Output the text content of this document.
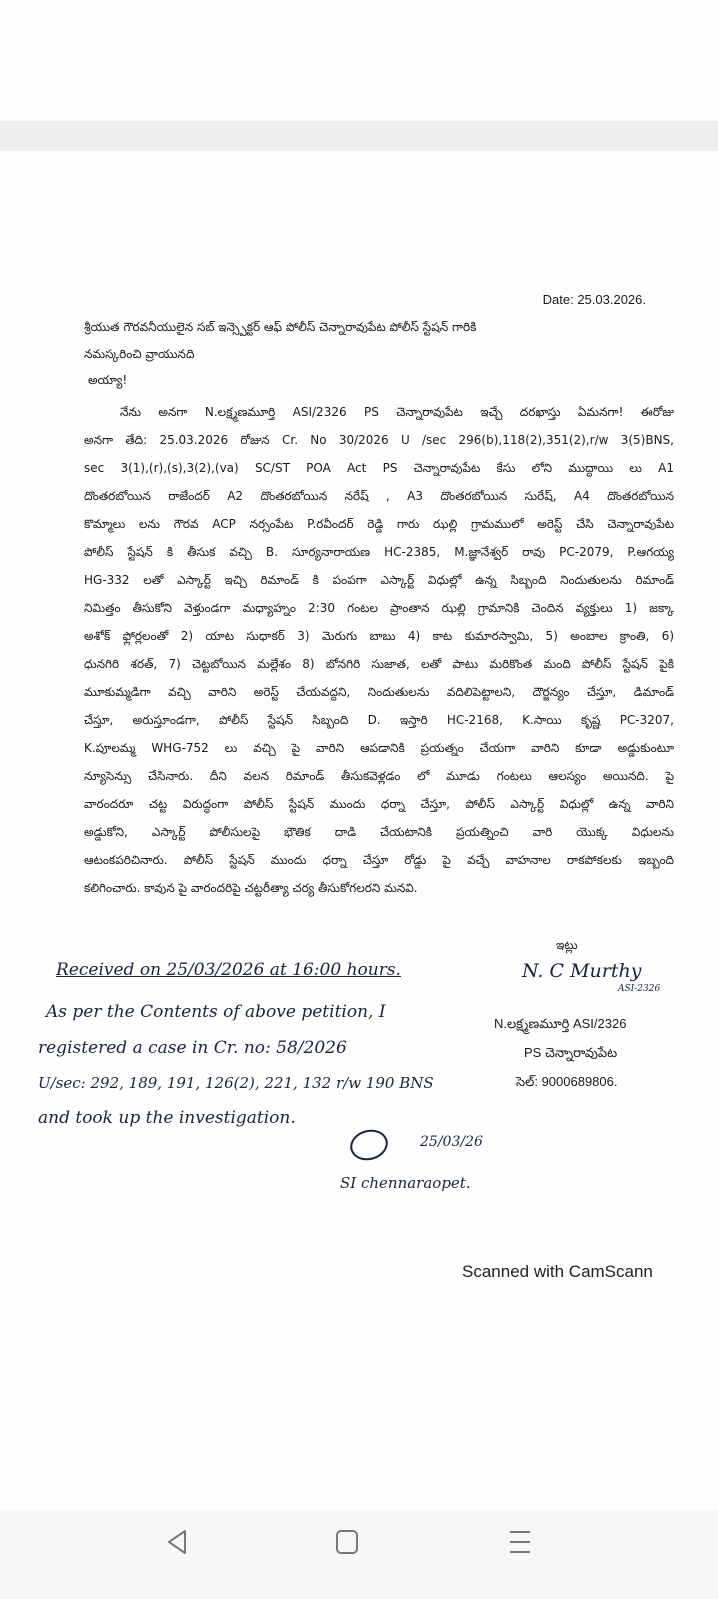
Date: 25.03.2026.
శ్రీయుత గౌరవనీయులైన సబ్ ఇన్స్పెక్టర్ ఆఫ్ పోలీస్ చెన్నారావుపేట పోలీస్ స్టేషన్ గారికి
నమస్కరించి వ్రాయునది
అయ్యా!
నేను అనగా N.లక్ష్మణమూర్తి ASI/2326 PS చెన్నారావుపేట ఇచ్చే దరఖాస్తు ఏమనగా! ఈరోజు
అనగా తేది: 25.03.2026 రోజున Cr. No 30/2026 U /sec 296(b),118(2),351(2),r/w 3(5)BNS,
sec 3(1),(r),(s),3(2),(va) SC/ST POA Act PS చెన్నారావుపేట కేసు లోని ముద్దాయి లు A1
దొంతరబోయిన రాజేందర్ A2 దొంతరబోయిన నరేష్ , A3 దొంతరబోయిన సురేష్, A4 దొంతరబోయిన
కొమ్మాలు లను గౌరవ ACP నర్సంపేట P.రవీందర్ రెడ్డి గారు ఝల్లి గ్రామములో అరెస్ట్ చేసి చెన్నారావుపేట
పోలీస్ స్టేషన్ కి తీసుక వచ్చి B. సూర్యనారాయణ HC-2385, M.జ్ఞానేశ్వర్ రావు PC-2079, P.ఆగయ్య
HG-332 లతో ఎస్కార్ట్ ఇచ్చి రిమాండ్ కి పంపగా ఎస్కార్ట్ విధుల్లో ఉన్న సిబ్బంది నిందుతులను రిమాండ్
నిమిత్తం తీసుకోని వెళ్తుండగా మధ్యాహ్నం 2:30 గంటల ప్రాంతాన ఝల్లి గ్రామానికి చెందిన వ్యక్తులు 1) జక్కా
అశోక్ ఫ్లోర్లలంతో 2) యాట సుధాకర్ 3) మెరుగు బాబు 4) కాట కుమారస్వామి, 5) అంబాల క్రాంతి, 6)
ధునగిరి శరత్, 7) చెట్టబోయిన మల్లేశం 8) బోనగిరి సుజాత, లతో పాటు మరికొంత మంది పోలీస్ స్టేషన్ పైకి
మూకుమ్మడిగా వచ్చి వారిని అరెస్ట్ చేయవద్దని, నిందుతులను వదిలిపెట్టాలని, దౌర్జన్యం చేస్తూ, డిమాండ్
చేస్తూ, అరుస్తూండగా, పోలీస్ స్టేషన్ సిబ్బంది D. ఇస్తారి HC-2168, K.సాయి కృష్ణ PC-3207,
K.పూలమ్మ WHG-752 లు వచ్చి పై వారిని ఆపడానికి ప్రయత్నం చేయగా వారిని కూడా అడ్డుకుంటూ
న్యూసెన్సు చేసినారు. దీని వలన రిమాండ్ తీసుకవెళ్లడం లో మూడు గంటలు ఆలస్యం అయినది. పై
వారందరూ చట్ట విరుద్ధంగా పోలీస్ స్టేషన్ ముందు ధర్నా చేస్తూ, పోలీస్ ఎస్కార్ట్ విధుల్లో ఉన్న వారిని
అడ్డుకోని, ఎస్కార్ట్ పోలీసులపై భౌతిక దాడి చేయటానికి ప్రయత్నించి వారి యొక్క విధులను
ఆటంకపరిచినారు. పోలీస్ స్టేషన్ ముందు ధర్నా చేస్తూ రోడ్డు పై వచ్చే వాహనాల రాకపోకలకు ఇబ్బంది
కలిగించారు. కావున పై వారందరిపై చట్టరీత్యా చర్య తీసుకోగలరని మనవి.
ఇట్లు
N. C Murthy
ASI-2326
N.లక్ష్మణమూర్తి ASI/2326
PS చెన్నారావుపేట
సెల్: 9000689806.
Received on 25/03/2026 at 16:00 hours.
As per the Contents of above petition, I
registered a case in Cr. no: 58/2026
U/sec: 292, 189, 191, 126(2), 221, 132 r/w 190 BNS
and took up the investigation.
25/03/26
SI chennaraopet.
Scanned with CamScann
